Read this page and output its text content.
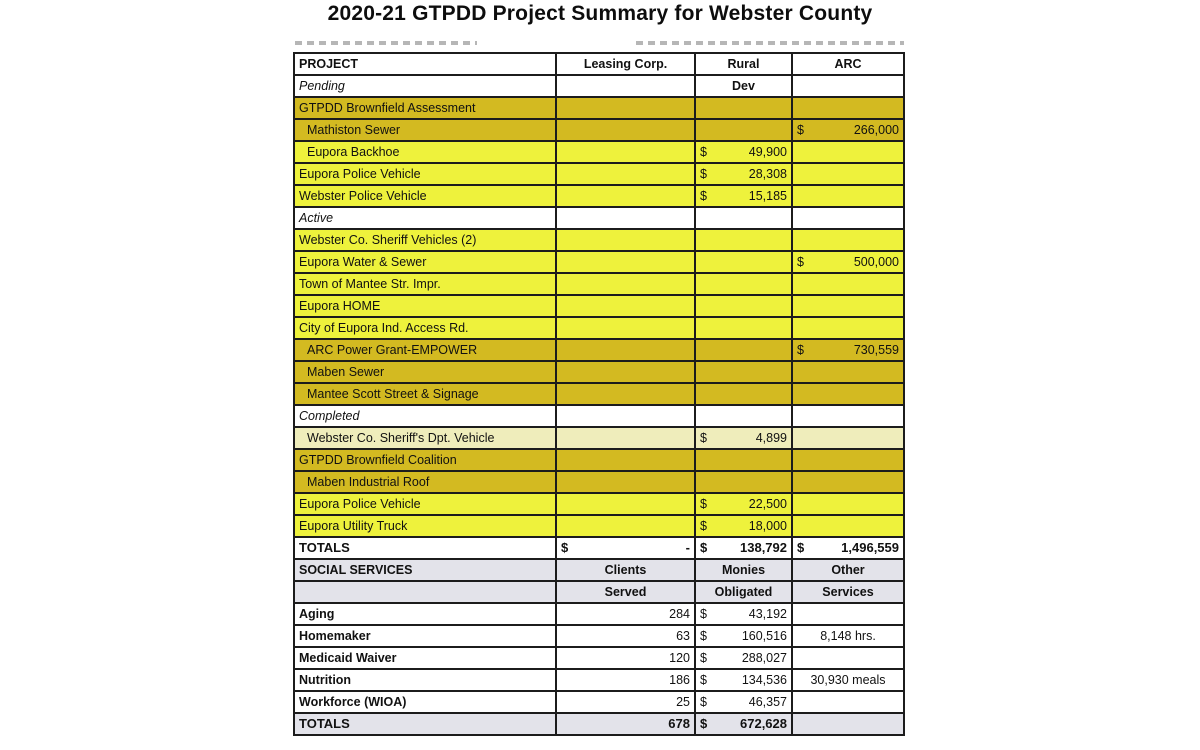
2020-21 GTPDD Project Summary for Webster County
PROJECT	Leasing Corp.	Rural	ARC
Pending		Dev	
GTPDD Brownfield Assessment			
Mathiston Sewer			$ 266,000

Eupora Backhoe		$ 49,900	

Eupora Police Vehicle		$ 28,308	

Webster Police Vehicle		$ 15,185	

Active			
Webster Co. Sheriff Vehicles (2)			
Eupora Water & Sewer			$ 500,000

Town of Mantee Str. Impr.			
Eupora HOME			
City of Eupora Ind. Access Rd.			
ARC Power Grant-EMPOWER			$ 730,559

Maben Sewer			
Mantee Scott Street & Signage			
Completed			
Webster Co. Sheriff's Dpt. Vehicle		$ 4,899	

GTPDD Brownfield Coalition			
Maben Industrial Roof			
Eupora Police Vehicle		$ 22,500	

Eupora Utility Truck		$ 18,000	

TOTALS	$ -	$ 138,792	$ 1,496,559

SOCIAL SERVICES	Clients	Monies	Other
	Served	Obligated	Services
Aging	284	$ 43,192	

Homemaker	63	$ 160,516	8,148 hrs.
Medicaid Waiver	120	$ 288,027	

Nutrition	186	$ 134,536	30,930 meals
Workforce (WIOA)	25	$ 46,357	

TOTALS	678	$ 672,628	
